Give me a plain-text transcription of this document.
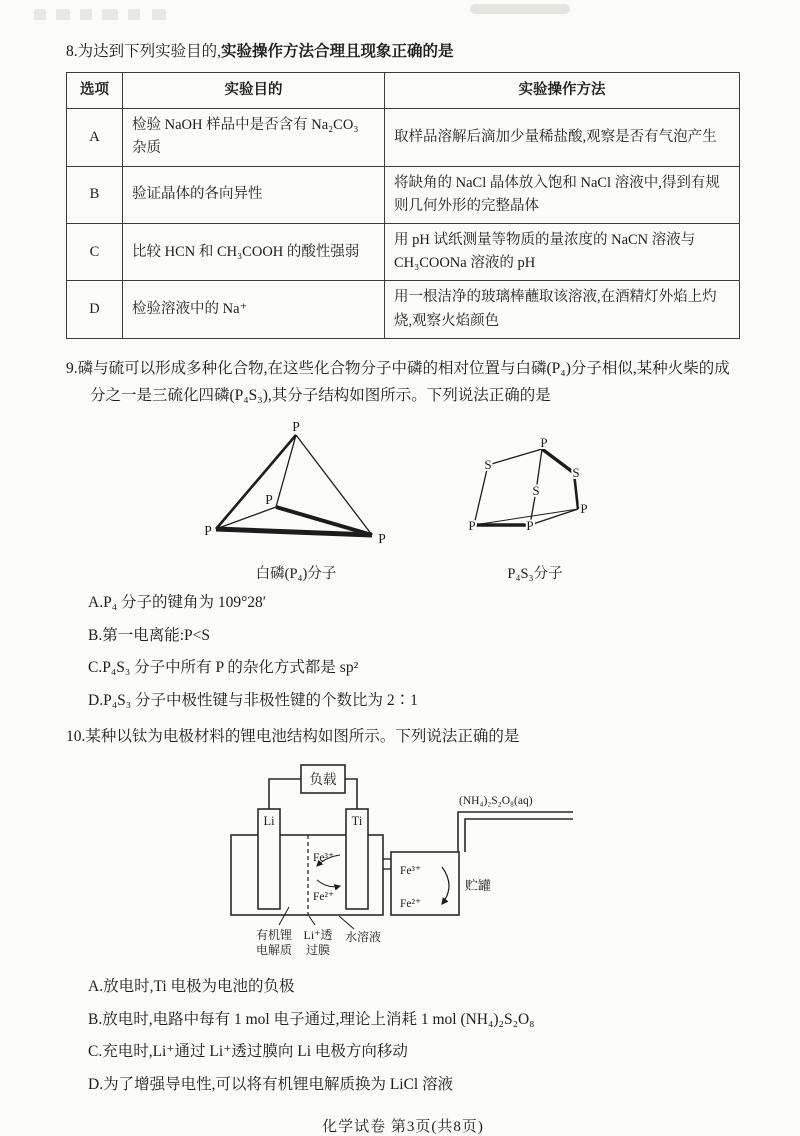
8.为达到下列实验目的,实验操作方法合理且现象正确的是

选项	实验目的	实验操作方法
A	检验 NaOH 样品中是否含有 Na₂CO₃ 杂质	取样品溶解后滴加少量稀盐酸,观察是否有气泡产生
B	验证晶体的各向异性	将缺角的 NaCl 晶体放入饱和 NaCl 溶液中,得到有规则几何外形的完整晶体
C	比较 HCN 和 CH₃COOH 的酸性强弱	用 pH 试纸测量等物质的量浓度的 NaCN 溶液与 CH₃COONa 溶液的 pH
D	检验溶液中的 Na⁺	用一根洁净的玻璃棒蘸取该溶液,在酒精灯外焰上灼烧,观察火焰颜色

9.磷与硫可以形成多种化合物,在这些化合物分子中磷的相对位置与白磷(P₄)分子相似,某种火柴的成分之一是三硫化四磷(P₄S₃),其分子结构如图所示。下列说法正确的是

P
P
P
P
白磷(P₄)分子
S
P
S
S
P	P
P
P₄S₃分子
A.P₄ 分子的键角为 109°28′
B.第一电离能:P<S
C.P₄S₃ 分子中所有 P 的杂化方式都是 sp²
D.P₄S₃ 分子中极性键与非极性键的个数比为 2∶1

10.某种以钛为电极材料的锂电池结构如图所示。下列说法正确的是

负载
Li	Ti
Fe³⁺
Fe²⁺
Fe³⁺
Fe²⁺
贮罐
(NH₄)₂S₂O₈(aq)
有机锂
电解质
Li⁺透
过膜
水溶液
A.放电时,Ti 电极为电池的负极
B.放电时,电路中每有 1 mol 电子通过,理论上消耗 1 mol (NH₄)₂S₂O₈
C.充电时,Li⁺通过 Li⁺透过膜向 Li 电极方向移动
D.为了增强导电性,可以将有机锂电解质换为 LiCl 溶液
化学试卷 第3页(共8页)
